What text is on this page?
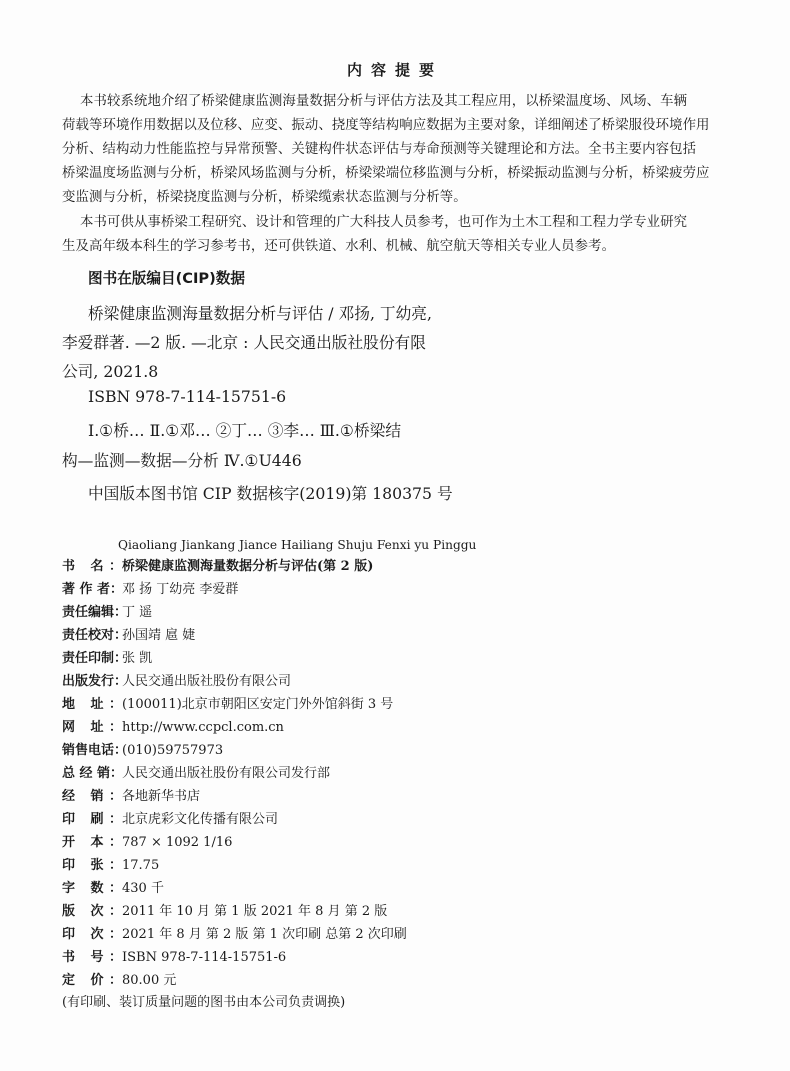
内容提要
本书较系统地介绍了桥梁健康监测海量数据分析与评估方法及其工程应用，以桥梁温度场、风场、车辆
荷载等环境作用数据以及位移、应变、振动、挠度等结构响应数据为主要对象，详细阐述了桥梁服役环境作用
分析、结构动力性能监控与异常预警、关键构件状态评估与寿命预测等关键理论和方法。全书主要内容包括
桥梁温度场监测与分析，桥梁风场监测与分析，桥梁梁端位移监测与分析，桥梁振动监测与分析，桥梁疲劳应
变监测与分析，桥梁挠度监测与分析，桥梁缆索状态监测与分析等。
本书可供从事桥梁工程研究、设计和管理的广大科技人员参考，也可作为土木工程和工程力学专业研究
生及高年级本科生的学习参考书，还可供铁道、水利、机械、航空航天等相关专业人员参考。
图书在版编目(CIP)数据
桥梁健康监测海量数据分析与评估 / 邓扬, 丁幼亮,
李爱群著. —2 版. —北京 : 人民交通出版社股份有限
公司, 2021.8
ISBN 978-7-114-15751-6
Ⅰ.①桥… Ⅱ.①邓… ②丁… ③李… Ⅲ.①桥梁结
构—监测—数据—分析 Ⅳ.①U446
中国版本图书馆 CIP 数据核字(2019)第 180375 号
Qiaoliang Jiankang Jiance Hailiang Shuju Fenxi yu Pinggu
书 名：桥梁健康监测海量数据分析与评估(第 2 版)
著 作 者：邓 扬 丁幼亮 李爱群
责任编辑：丁 遥
责任校对：孙国靖 扈 婕
责任印制：张 凯
出版发行：人民交通出版社股份有限公司
地 址：(100011)北京市朝阳区安定门外外馆斜街 3 号
网 址：http://www.ccpcl.com.cn
销售电话：(010)59757973
总 经 销：人民交通出版社股份有限公司发行部
经 销：各地新华书店
印 刷：北京虎彩文化传播有限公司
开 本：787 × 1092 1/16
印 张：17.75
字 数：430 千
版 次：2011 年 10 月 第 1 版 2021 年 8 月 第 2 版
印 次：2021 年 8 月 第 2 版 第 1 次印刷 总第 2 次印刷
书 号：ISBN 978-7-114-15751-6
定 价：80.00 元
(有印刷、装订质量问题的图书由本公司负责调换)
